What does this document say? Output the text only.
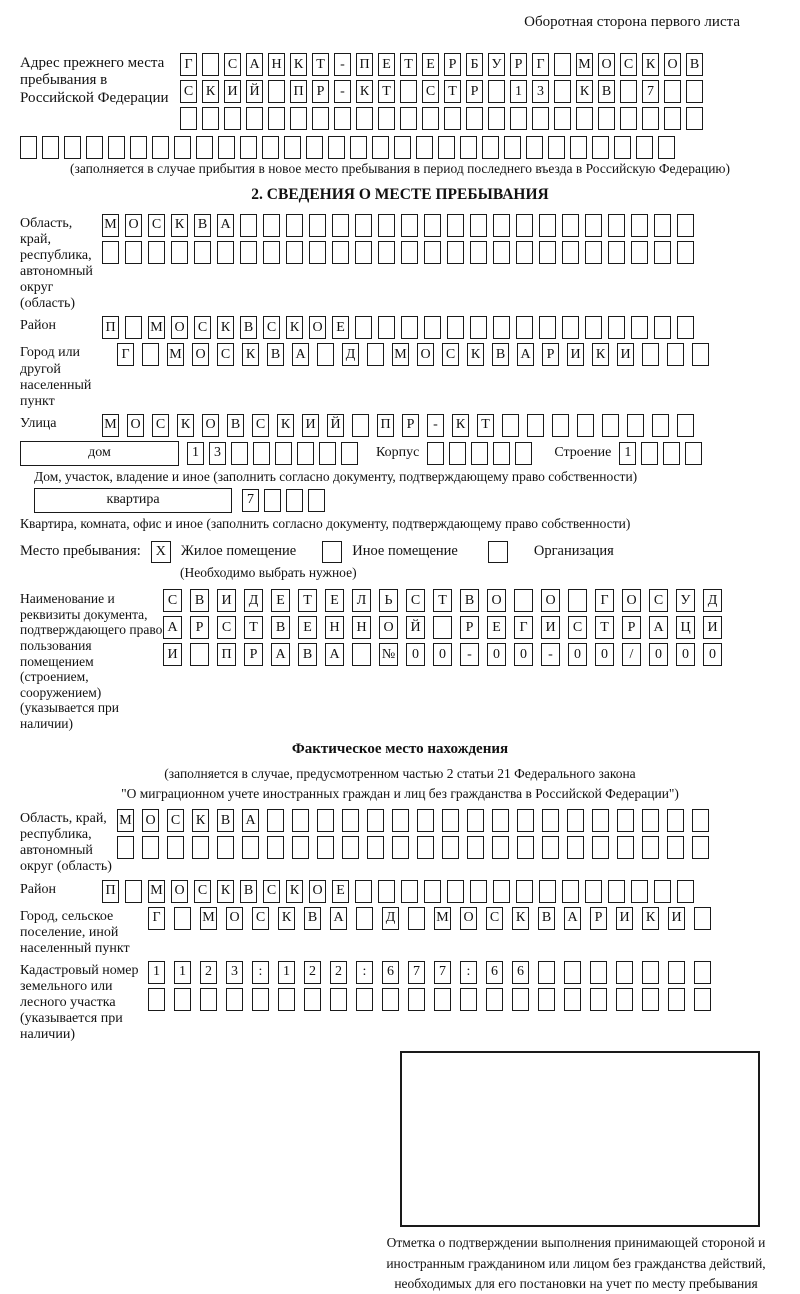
Оборотная сторона первого листа
Адрес прежнего места пребывания в Российской Федерации
Г	С А Н К Т	-	П Е Т Е Р	Б У Р	Г	М О С К О В
С К И Й П Р	-	К Т	С Т Р	1	3	К В	7
(заполняется в случае прибытия в новое место пребывания в период последнего въезда в Российскую Федерацию)
2. СВЕДЕНИЯ О МЕСТЕ ПРЕБЫВАНИЯ
Область, край, республика, автономный округ (область)
М О С К В А
Район	П М О С К В С К О Е
Город или другой населенный пункт
Г	М О С К В А	Д	М О С К В А	Р	И К И
Улица	М О С К О В С К И Й	П	Р	-	К	Т
дом	1	3	Корпус	Строение 1
Дом, участок, владение и иное (заполнить согласно документу, подтверждающему право собственности)
квартира	7
Квартира, комната, офис и иное (заполнить согласно документу, подтверждающему право собственности)
Место пребывания:	X	Жилое помещение	Иное помещение	Организация
(Необходимо выбрать нужное)
Наименование и реквизиты документа, подтверждающего право пользования помещением (строением, сооружением) (указывается при наличии)
С	В	И	Д	Е	Т	Е	Л	Ь	С	Т	В	О	О	Г	О	С	У	Д
А	Р	С	Т	В	Е	Н	Н	О	Й	Р	Е	Г	И	С	Т	Р	А	Ц	И
И	П	Р	А	В	А	№	0	0	-	0	0	-	0	0	/	0	0	0
Фактическое место нахождения
(заполняется в случае, предусмотренном частью 2 статьи 21 Федерального закона
"О миграционном учете иностранных граждан и лиц без гражданства в Российской Федерации")
Область, край, республика, автономный округ (область)
М О С К В А
Район	П М О С К В С К О Е
Город, сельское поселение, иной населенный пункт
Г	М О С К В А	Д	М О С К В А	Р	И К И
Кадастровый номер земельного или лесного участка (указывается при наличии)
1	1	2	3	:	1	2	2	:	6	7	7	:	6	6
Отметка о подтверждении выполнения принимающей стороной и иностранным гражданином или лицом без гражданства действий, необходимых для его постановки на учет по месту пребывания
